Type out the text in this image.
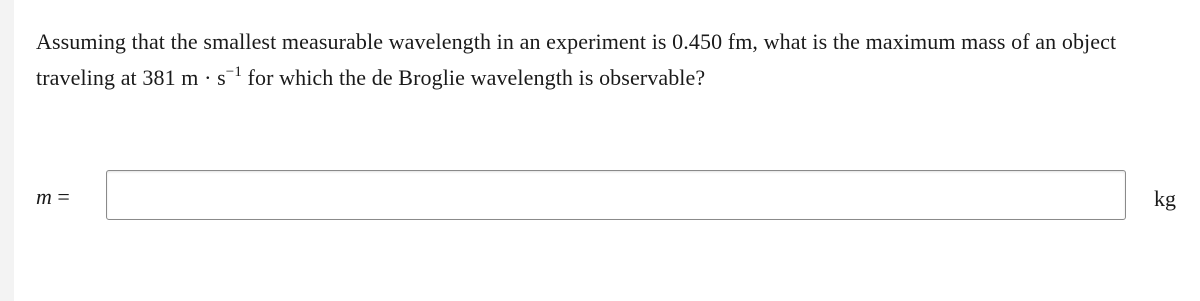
Assuming that the smallest measurable wavelength in an experiment is 0.450 fm, what is the maximum mass of an object traveling at 381 $m \cdot s^{-1}$ for which the de Broglie wavelength is observable?
m =	kg
